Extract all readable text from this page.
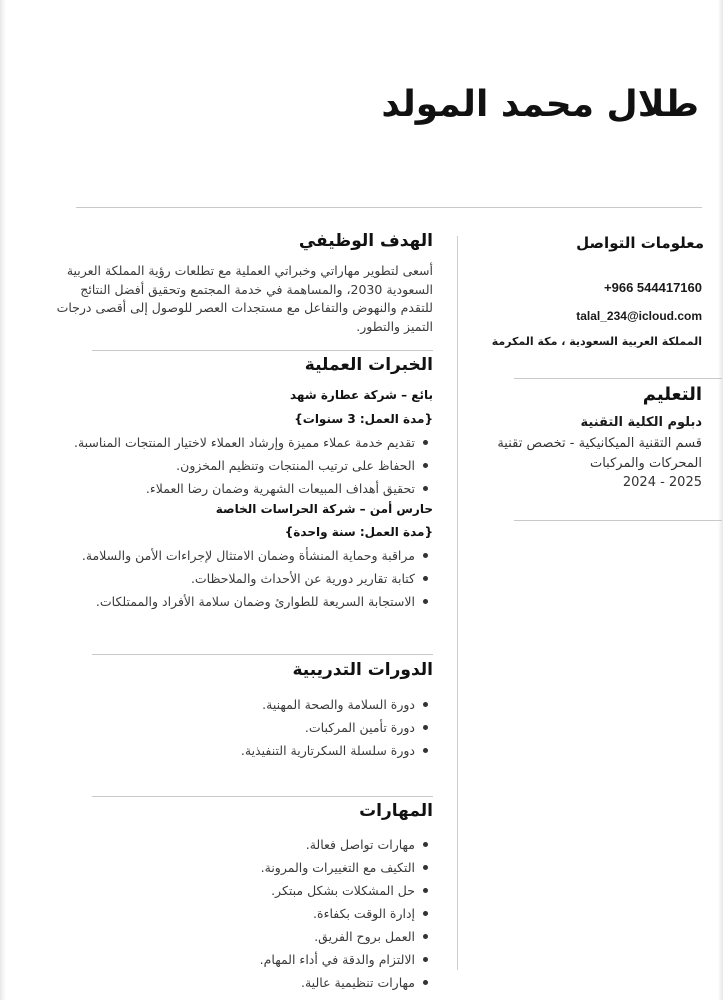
طلال محمد المولد
معلومات التواصل
+966 544417160
talal_234@icloud.com
المملكة العربية السعودية ، مكة المكرمة
التعليم
دبلوم الكلية التقنية
قسم التقنية الميكانيكية - تخصص تقنية المحركات والمركبات
2024 - 2025
الهدف الوظيفي

أسعى لتطوير مهاراتي وخبراتي العملية مع تطلعات رؤية المملكة العربية السعودية 2030، والمساهمة في خدمة المجتمع وتحقيق أفضل النتائج للتقدم والنهوض والتفاعل مع مستجدات العصر للوصول إلى أقصى درجات التميز والتطور.

الخبرات العملية
بائع – شركة عطارة شهد
{مدة العمل: 3 سنوات}
تقديم خدمة عملاء مميزة وإرشاد العملاء لاختيار المنتجات المناسبة.
الحفاظ على ترتيب المنتجات وتنظيم المخزون.
تحقيق أهداف المبيعات الشهرية وضمان رضا العملاء.
حارس أمن – شركة الحراسات الخاصة
{مدة العمل: سنة واحدة}
مراقبة وحماية المنشأة وضمان الامتثال لإجراءات الأمن والسلامة.
كتابة تقارير دورية عن الأحداث والملاحظات.
الاستجابة السريعة للطوارئ وضمان سلامة الأفراد والممتلكات.
الدورات التدريبية
دورة السلامة والصحة المهنية.
دورة تأمين المركبات.
دورة سلسلة السكرتارية التنفيذية.
المهارات
مهارات تواصل فعالة.
التكيف مع التغييرات والمرونة.
حل المشكلات بشكل مبتكر.
إدارة الوقت بكفاءة.
العمل بروح الفريق.
الالتزام والدقة في أداء المهام.
مهارات تنظيمية عالية.
